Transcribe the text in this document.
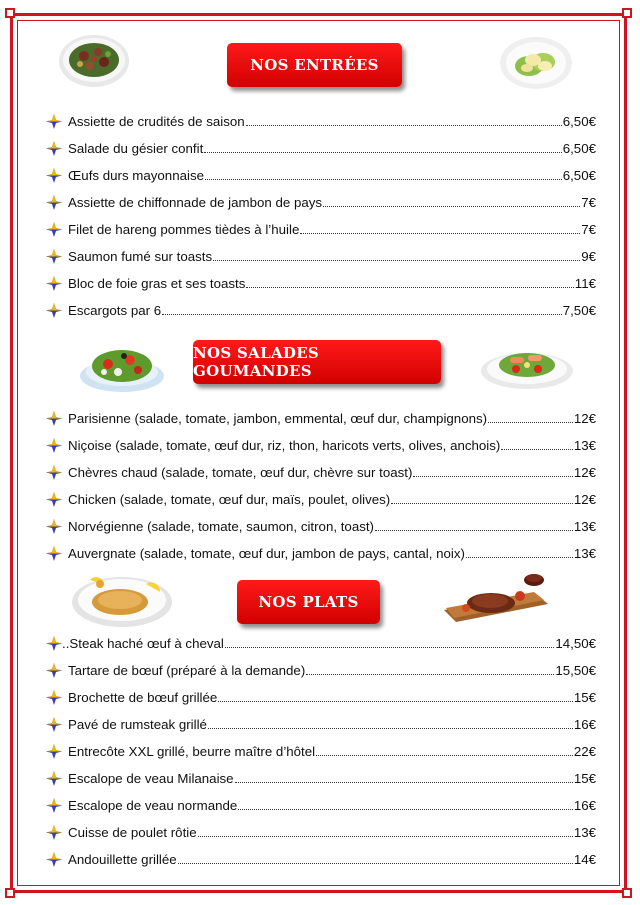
NOS ENTRÉES
Assiette de crudités de saison	6,50€
Salade du gésier confit	6,50€
Œufs durs mayonnaise	6,50€
Assiette de chiffonnade de jambon de pays	7€
Filet de hareng pommes tièdes à l’huile	7€
Saumon fumé sur toasts	9€
Bloc de foie gras et ses toasts	11€
Escargots par 6	7,50€
NOS SALADES GOUMANDES
Parisienne (salade, tomate, jambon, emmental, œuf dur, champignons)	12€
Niçoise (salade, tomate, œuf dur, riz, thon, haricots verts, olives, anchois)	13€
Chèvres chaud (salade, tomate, œuf dur, chèvre sur toast)	12€
Chicken (salade, tomate, œuf dur, maïs, poulet, olives)	12€
Norvégienne (salade, tomate, saumon, citron, toast)	13€
Auvergnate (salade, tomate, œuf dur, jambon de pays, cantal, noix)	13€
NOS PLATS
..Steak haché œuf à cheval	14,50€
Tartare de bœuf (préparé à la demande)	15,50€
Brochette de bœuf grillée	15€
Pavé de rumsteak grillé	16€
Entrecôte XXL grillé, beurre maître d’hôtel	22€
Escalope de veau Milanaise	15€
Escalope de veau normande	16€
Cuisse de poulet rôtie	13€
Andouillette grillée	14€
